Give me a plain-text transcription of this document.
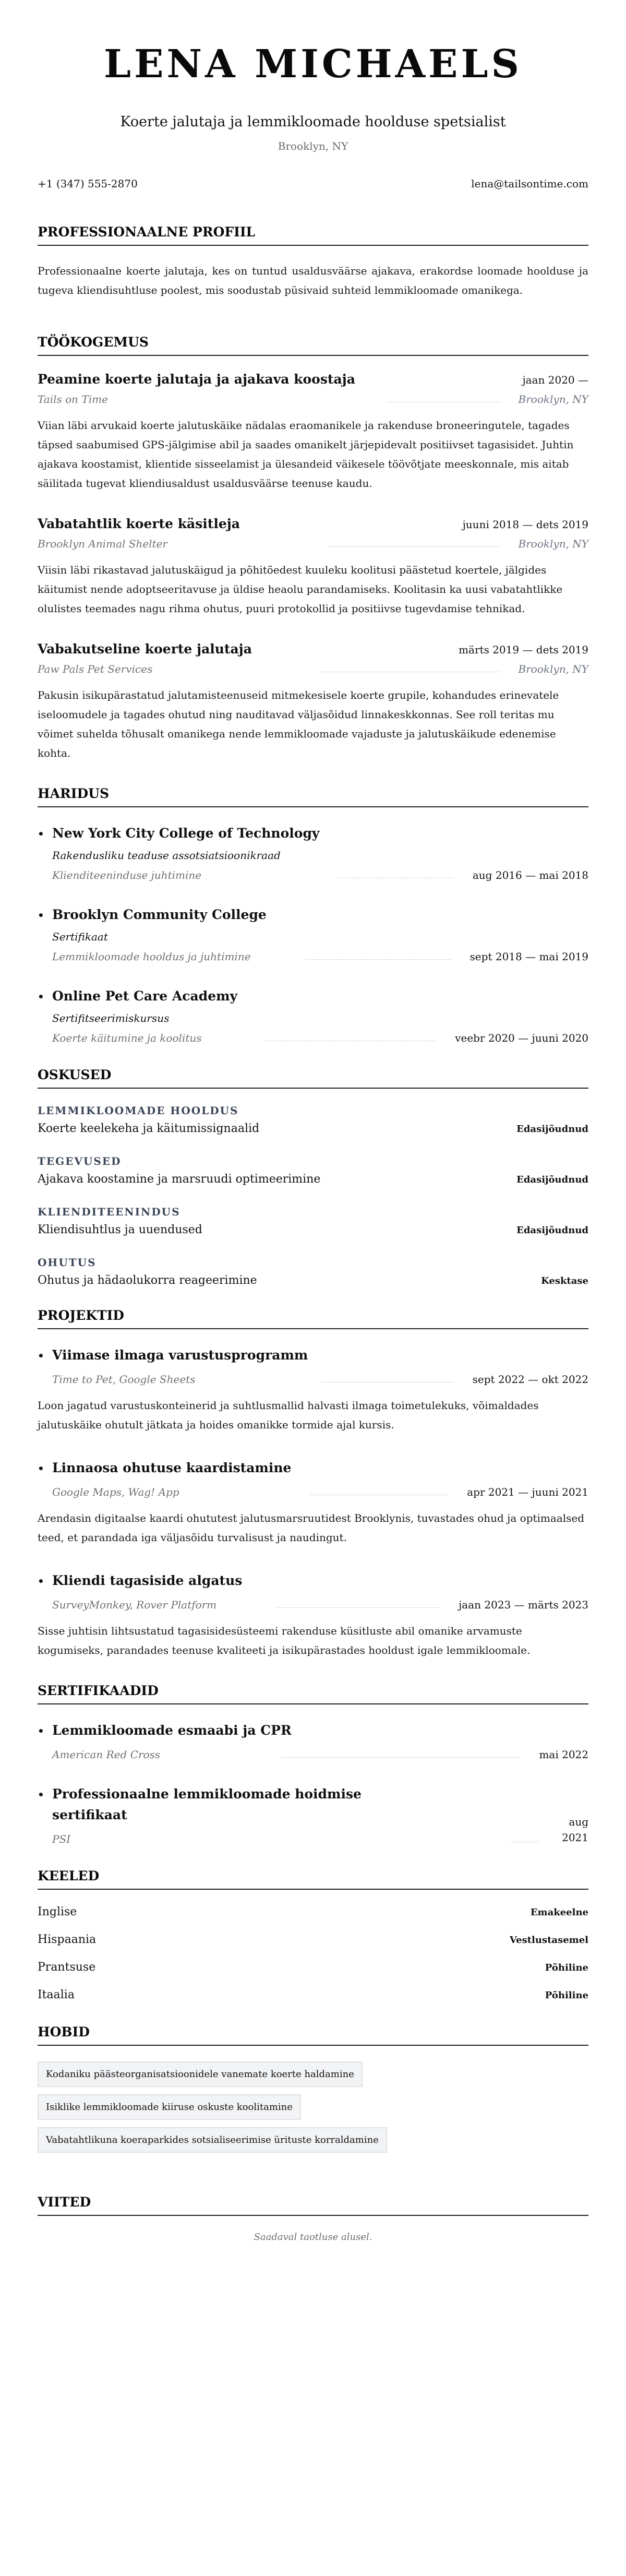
LENA MICHAELS
Koerte jalutaja ja lemmikloomade hoolduse spetsialist
Brooklyn, NY
+1 (347) 555-2870	lena@tailsontime.com
PROFESSIONAALNE PROFIIL

Professionaalne koerte jalutaja, kes on tuntud usaldusväärse ajakava, erakordse loomade hoolduse ja tugeva kliendisuhtluse poolest, mis soodustab püsivaid suhteid lemmikloomade omanikega.

TÖÖKOGEMUS
Peamine koerte jalutaja ja ajakava koostaja	jaan 2020 —
Tails on Time	Brooklyn, NY

Viian läbi arvukaid koerte jalutuskäike nädalas eraomanikele ja rakenduse broneeringutele, tagades täpsed saabumised GPS-jälgimise abil ja saades omanikelt järjepidevalt positiivset tagasisidet. Juhtin ajakava koostamist, klientide sisseelamist ja ülesandeid väikesele töövõtjate meeskonnale, mis aitab säilitada tugevat kliendiusaldust usaldusväärse teenuse kaudu.

Vabatahtlik koerte käsitleja	juuni 2018 — dets 2019
Brooklyn Animal Shelter	Brooklyn, NY

Viisin läbi rikastavad jalutuskäigud ja põhitõedest kuuleku koolitusi päästetud koertele, jälgides käitumist nende adoptseeritavuse ja üldise heaolu parandamiseks. Koolitasin ka uusi vabatahtlikke olulistes teemades nagu rihma ohutus, puuri protokollid ja positiivse tugevdamise tehnikad.

Vabakutseline koerte jalutaja	märts 2019 — dets 2019
Paw Pals Pet Services	Brooklyn, NY

Pakusin isikupärastatud jalutamisteenuseid mitmekesisele koerte grupile, kohandudes erinevatele iseloomudele ja tagades ohutud ning nauditavad väljasõidud linnakeskkonnas. See roll teritas mu võimet suhelda tõhusalt omanikega nende lemmikloomade vajaduste ja jalutuskäikude edenemise kohta.

HARIDUS
• New York City College of Technology
Rakendusliku teaduse assotsiatsioonikraad
Klienditeeninduse juhtimine	aug 2016 — mai 2018
• Brooklyn Community College
Sertifikaat
Lemmikloomade hooldus ja juhtimine	sept 2018 — mai 2019
• Online Pet Care Academy
Sertifitseerimiskursus
Koerte käitumine ja koolitus	veebr 2020 — juuni 2020
OSKUSED
LEMMIKLOOMADE HOOLDUS
Koerte keelekeha ja käitumissignaalid	Edasijõudnud
TEGEVUSED
Ajakava koostamine ja marsruudi optimeerimine	Edasijõudnud
KLIENDITEENINDUS
Kliendisuhtlus ja uuendused	Edasijõudnud
OHUTUS
Ohutus ja hädaolukorra reageerimine	Kesktase
PROJEKTID
• Viimase ilmaga varustusprogramm
Time to Pet, Google Sheets	sept 2022 — okt 2022

Loon jagatud varustuskonteinerid ja suhtlusmallid halvasti ilmaga toimetulekuks, võimaldades jalutuskäike ohutult jätkata ja hoides omanikke tormide ajal kursis.

• Linnaosa ohutuse kaardistamine
Google Maps, Wag! App	apr 2021 — juuni 2021

Arendasin digitaalse kaardi ohututest jalutusmarsruutidest Brooklynis, tuvastades ohud ja optimaalsed teed, et parandada iga väljasõidu turvalisust ja naudingut.

• Kliendi tagasiside algatus
SurveyMonkey, Rover Platform	jaan 2023 — märts 2023

Sisse juhtisin lihtsustatud tagasisidesüsteemi rakenduse küsitluste abil omanike arvamuste kogumiseks, parandades teenuse kvaliteeti ja isikupärastades hooldust igale lemmikloomale.

SERTIFIKAADID
• Lemmikloomade esmaabi ja CPR
American Red Cross	mai 2022
• Professionaalne lemmikloomade hoidmise sertifikaat
PSI
aug 2021
KEELED
Inglise	Emakeelne
Hispaania	Vestlustasemel
Prantsuse	Põhiline
Itaalia	Põhiline
HOBID
Kodaniku päästeorganisatsioonidele vanemate koerte haldamine
Isiklike lemmikloomade kiiruse oskuste koolitamine
Vabatahtlikuna koeraparkides sotsialiseerimise ürituste korraldamine
VIITED
Saadaval taotluse alusel.
